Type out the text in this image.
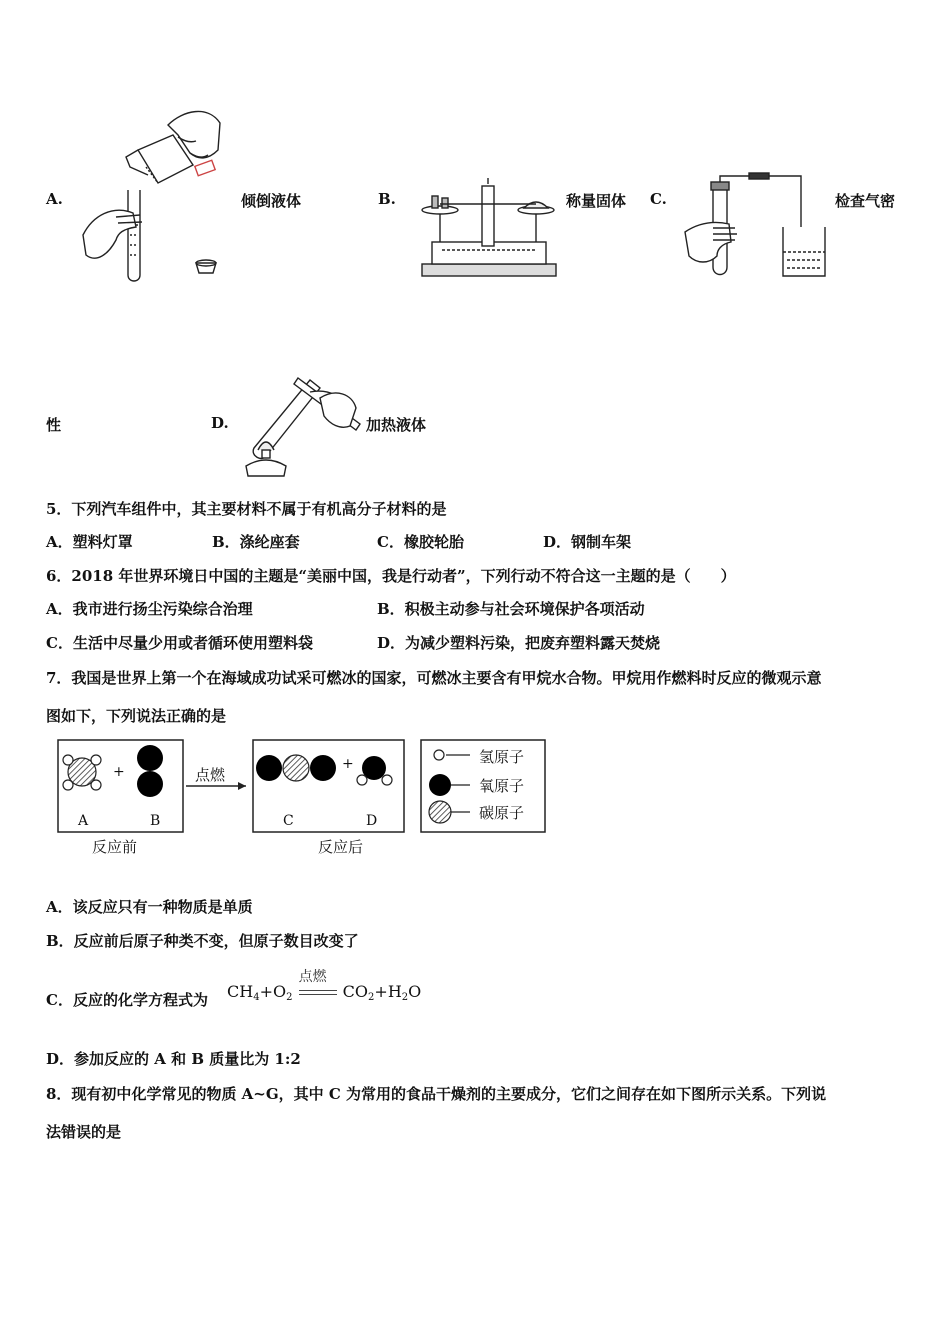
A.	倾倒液体	B.	称量固体 C.	检查气密
性	D.	加热液体
5．下列汽车组件中，其主要材料不属于有机高分子材料的是
A．塑料灯罩	B．涤纶座套	C．橡胶轮胎	D．钢制车架
6．2018 年世界环境日中国的主题是“美丽中国，我是行动者”，下列行动不符合这一主题的是（　　）
A．我市进行扬尘污染综合治理	B．积极主动参与社会环境保护各项活动
C．生活中尽量少用或者循环使用塑料袋	D．为减少塑料污染，把废弃塑料露天焚烧
7．我国是世界上第一个在海域成功试采可燃冰的国家，可燃冰主要含有甲烷水合物。甲烷用作燃料时反应的微观示意
图如下，下列说法正确的是
+	+
点燃
A	B	C	D
反应前	反应后
氢原子
氧原子
碳原子
A．该反应只有一种物质是单质
B．反应前后原子种类不变，但原子数目改变了
C．反应的化学方程式为 $CH_4+O_2$
点燃
$CO_2+H_2O$
D．参加反应的 A 和 B 质量比为 1:2
8．现有初中化学常见的物质 A~G，其中 C 为常用的食品干燥剂的主要成分，它们之间存在如下图所示关系。下列说
法错误的是
